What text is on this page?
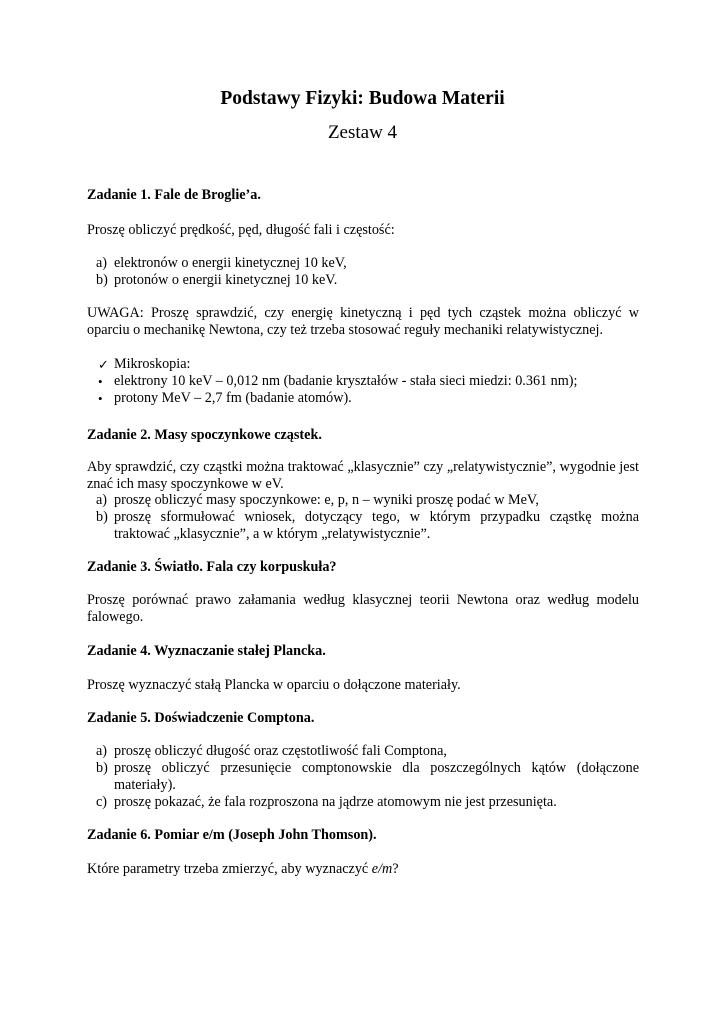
Podstawy Fizyki: Budowa Materii
Zestaw 4

Zadanie 1. Fale de Broglie’a.

Proszę obliczyć prędkość, pęd, długość fali i częstość:

a) elektronów o energii kinetycznej 10 keV,
b) protonów o energii kinetycznej 10 keV.

UWAGA: Proszę sprawdzić, czy energię kinetyczną i pęd tych cząstek można obliczyć w oparciu o mechanikę Newtona, czy też trzeba stosować reguły mechaniki relatywistycznej.

✓ Mikroskopia:
• elektrony 10 keV – 0,012 nm (badanie kryształów - stała sieci miedzi: 0.361 nm);
• protony MeV – 2,7 fm (badanie atomów).

Zadanie 2. Masy spoczynkowe cząstek.

Aby sprawdzić, czy cząstki można traktować „klasycznie” czy „relatywistycznie”, wygodnie jest znać ich masy spoczynkowe w eV.

a) proszę obliczyć masy spoczynkowe: e, p, n – wyniki proszę podać w MeV,
b) proszę sformułować wniosek, dotyczący tego, w którym przypadku cząstkę można traktować „klasycznie”, a w którym „relatywistycznie”.

Zadanie 3. Światło. Fala czy korpuskuła?

Proszę porównać prawo załamania według klasycznej teorii Newtona oraz według modelu falowego.

Zadanie 4. Wyznaczanie stałej Plancka.

Proszę wyznaczyć stałą Plancka w oparciu o dołączone materiały.

Zadanie 5. Doświadczenie Comptona.

a) proszę obliczyć długość oraz częstotliwość fali Comptona,
b) proszę obliczyć przesunięcie comptonowskie dla poszczególnych kątów (dołączone materiały).
c) proszę pokazać, że fala rozproszona na jądrze atomowym nie jest przesunięta.

Zadanie 6. Pomiar e/m (Joseph John Thomson).

Które parametry trzeba zmierzyć, aby wyznaczyć e/m?
